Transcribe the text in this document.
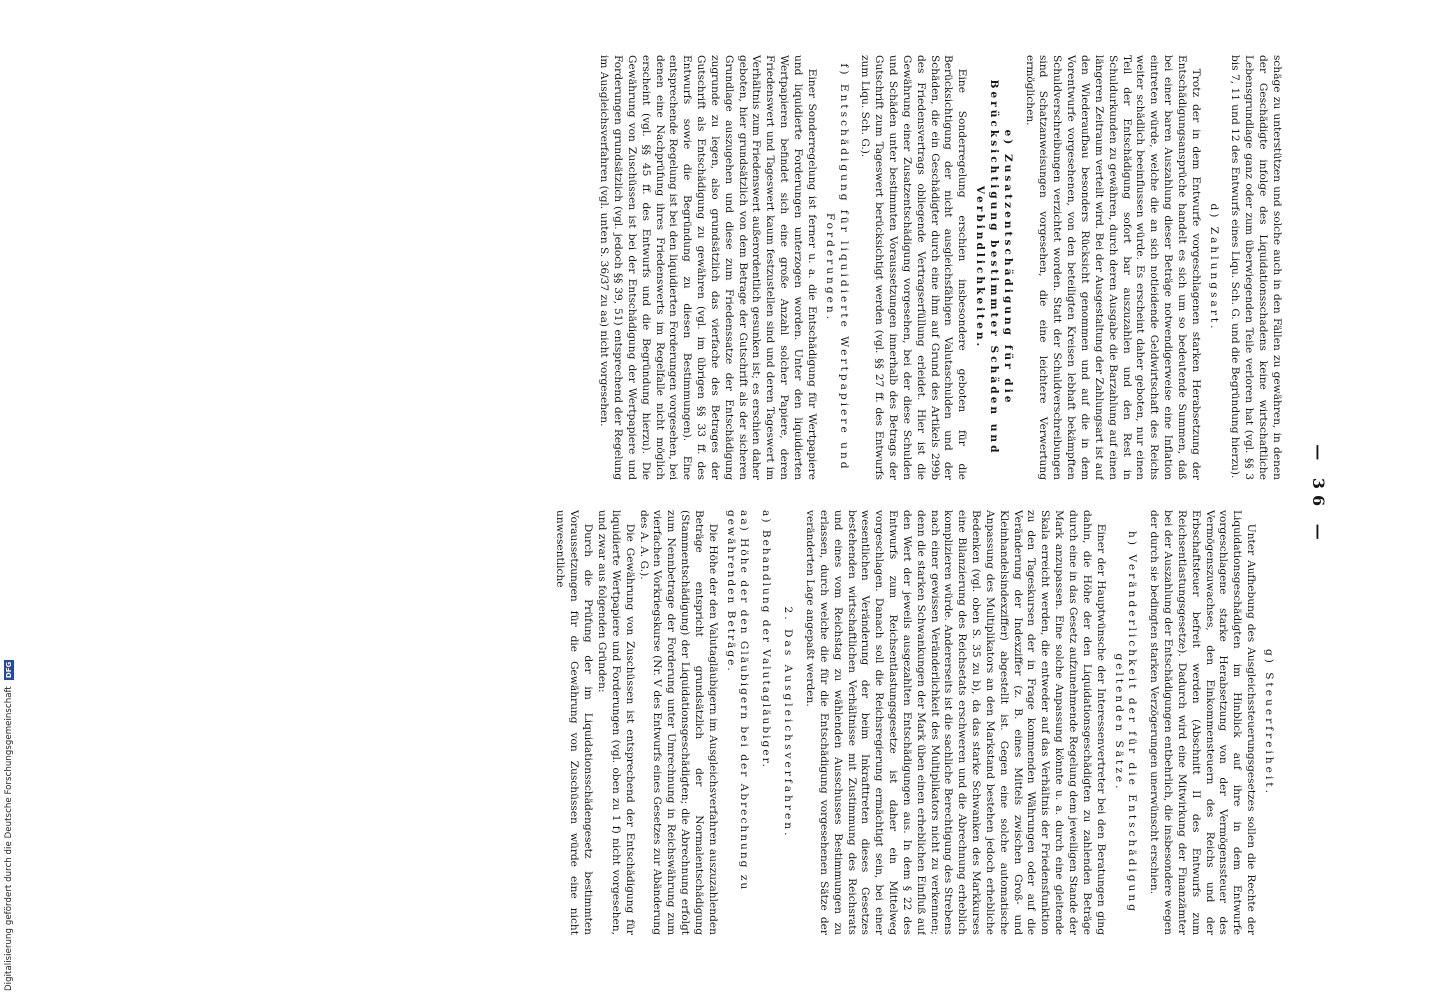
Digitalisierung gefördert durch die Deutsche ForschungsgemeinschaftDFG
— 36 —

schäge zu unterstützen und solche auch in den Fällen zu gewähren, in denen der Geschädigte infolge des Liquidationsschadens keine wirtschaftliche Lebensgrundlage ganz oder zum überwiegenden Teile verloren hat (vgl. §§ 3 bis 7, 11 und 12 des Entwurfs eines Liqu. Sch. G. und die Begründung hierzu).

d) Zahlungsart.

Trotz der in dem Entwurfe vorgeschlagenen starken Herabsetzung der Entschädigungsansprüche handelt es sich um so bedeutende Summen, daß bei einer baren Auszahlung dieser Beträge notwendigerweise eine Inflation eintreten würde, welche die an sich notleidende Geldwirtschaft des Reichs weiter schädlich beeinflussen würde. Es erscheint daher geboten, nur einen Teil der Entschädigung sofort bar auszuzahlen und den Rest in Schuldurkunden zu gewähren, durch deren Ausgabe die Barzahlung auf einen längeren Zeitraum verteilt wird. Bei der Ausgestaltung der Zahlungsart ist auf den Wiederaufbau besonders Rücksicht genommen und auf die in dem Vorentwurfe vorgesehenen, von den beteiligten Kreisen lebhaft bekämpften Schuldverschreibungen verzichtet worden. Statt der Schuldverschreibungen sind Schatzanweisungen vorgesehen, die eine leichtere Verwertung ermöglichen.

e) Zusatzentschädigung für die Berücksichtigung bestimmter Schäden und Verbindlichkeiten.

Eine Sonderregelung erschien insbesondere geboten für die Berücksichtigung der nicht ausgleichsfähigen Valutaschulden und der Schäden, die ein Geschädigter durch eine ihm auf Grund des Artikels 299b des Friedensvertrags obliegende Vertragserfüllung erleidet. Hier ist die Gewährung einer Zusatzentschädigung vorgesehen, bei der diese Schulden und Schäden unter bestimmten Voraussetzungen innerhalb des Betrags der Gutschrift zum Tageswert berücksichtigt werden (vgl. §§ 27 ff. des Entwurfs zum Liqu. Sch. G.).

f) Entschädigung für liquidierte Wertpapiere und Forderungen.

Einer Sonderregelung ist ferner u. a. die Entschädigung für Wertpapiere und liquidierte Forderungen unterzogen worden. Unter den liquidierten Wertpapieren befindet sich eine große Anzahl solcher Papiere, deren Friedenswert und Tageswert kaum festzustellen sind und deren Tageswert im Verhältnis zum Friedenswert außerordentlich gesunken ist; es erschien daher geboten, hier grundsätzlich von dem Betrage der Gutschrift als der sicheren Grundlage auszugehen und diese zum Friedenssatze der Entschädigung zugrunde zu legen, also grundsätzlich das vierfache des Betrages der Gutschrift als Entschädigung zu gewähren (vgl. im übrigen §§ 33 ff. des Entwurfs sowie die Begründung zu diesen Bestimmungen). Eine entsprechende Regelung ist bei den liquidierten Forderungen vorgesehen, bei denen eine Nachprüfung ihres Friedenswerts im Regelfalle nicht möglich erscheint (vgl. §§ 45 ff. des Entwurfs und die Begründung hierzu). Die Gewährung von Zuschüssen ist bei der Entschädigung der Wertpapiere und Forderungen grundsätzlich (vgl. jedoch §§ 39, 51) entsprechend der Regelung im Ausgleichsverfahren (vgl. unten S. 36/37 zu aa) nicht vorgesehen.

g) Steuerfreiheit.

Unter Aufhebung des Ausgleichssteuerungsgesetzes sollen die Rechte der Liquidationsgeschädigten im Hinblick auf ihre in dem Entwurfe vorgeschlagene starke Herabsetzung von der Vermögenssteuer des Vermögenszuwachses, den Einkommensteuern des Reichs und der Erbschaftsteuer befreit werden (Abschnitt II des Entwurfs zum Reichsentlastungsgesetze). Dadurch wird eine Mitwirkung der Finanzämter bei der Auszahlung der Entschädigungen entbehrlich, die insbesondere wegen der durch sie bedingten starken Verzögerungen unerwünscht erschien.

h) Veränderlichkeit der für die Entschädigung geltenden Sätze.

Einer der Hauptwünsche der Interessenvertreter bei den Beratungen ging dahin, die Höhe der den Liquidationsgeschädigten zu zahlenden Beträge durch eine in das Gesetz aufzunehmende Regelung dem jeweiligen Stande der Mark anzupassen. Eine solche Anpassung könnte u. a. durch eine gleitende Skala erreicht werden, die entweder auf das Verhältnis der Friedensfunktion zu den Tageskursen der in Frage kommenden Währungen oder auf die Veränderung der Indexziffer (z. B. eines Mittels zwischen Groß- und Kleinhandelsindexziffer) abgestellt ist. Gegen eine solche automatische Anpassung des Multiplikators an den Markstand bestehen jedoch erhebliche Bedenken (vgl. oben S. 35 zu b), da das starke Schwanken des Markkurses eine Bilanzierung des Reichsetats erschweren und die Abrechnung erheblich komplizieren würde. Andererseits ist die sachliche Berechtigung des Strebens nach einer gewissen Veränderlichkeit des Multiplikators nicht zu verkennen; denn die starken Schwankungen der Mark üben einen erheblichen Einfluß auf den Wert der jeweils ausgezahlten Entschädigungen aus. In dem § 22 des Entwurfs zum Reichsentlastungsgesetze ist daher ein Mittelweg vorgeschlagen. Danach soll die Reichsregierung ermächtigt sein, bei einer wesentlichen Veränderung der beim Inkrafttreten dieses Gesetzes bestehenden wirtschaftlichen Verhältnisse mit Zustimmung des Reichsrats und eines vom Reichstag zu wählenden Ausschusses Bestimmungen zu erlassen, durch welche die für die Entschädigung vorgesehenen Sätze der veränderten Lage angepaßt werden.

2. Das Ausgleichsverfahren.
a) Behandlung der Valutagläubiger.
aa) Höhe der den Gläubigern bei der Abrechnung zu gewährenden Beträge.

Die Höhe der den Valutagläubigern im Ausgleichsverfahren auszuzahlenden Beträge entspricht grundsätzlich der Normalentschädigung (Stammentschädigung) der Liquidationsgeschädigten; die Abrechnung erfolgt zum Nennbetrage der Forderung unter Umrechnung in Reichswährung zum vierfachen Vorkriegskurse (Nr. V des Entwurfs eines Gesetzes zur Abänderung des A. A. G.).

Die Gewährung von Zuschüssen ist entsprechend der Entschädigung für liquidierte Wertpapiere und Forderungen (vgl. oben zu 1 f) nicht vorgesehen, und zwar aus folgenden Gründen:

Durch die Prüfung der im Liquidationsschädengesetz bestimmten Voraussetzungen für die Gewährung von Zuschüssen würde eine nicht unwesentliche
